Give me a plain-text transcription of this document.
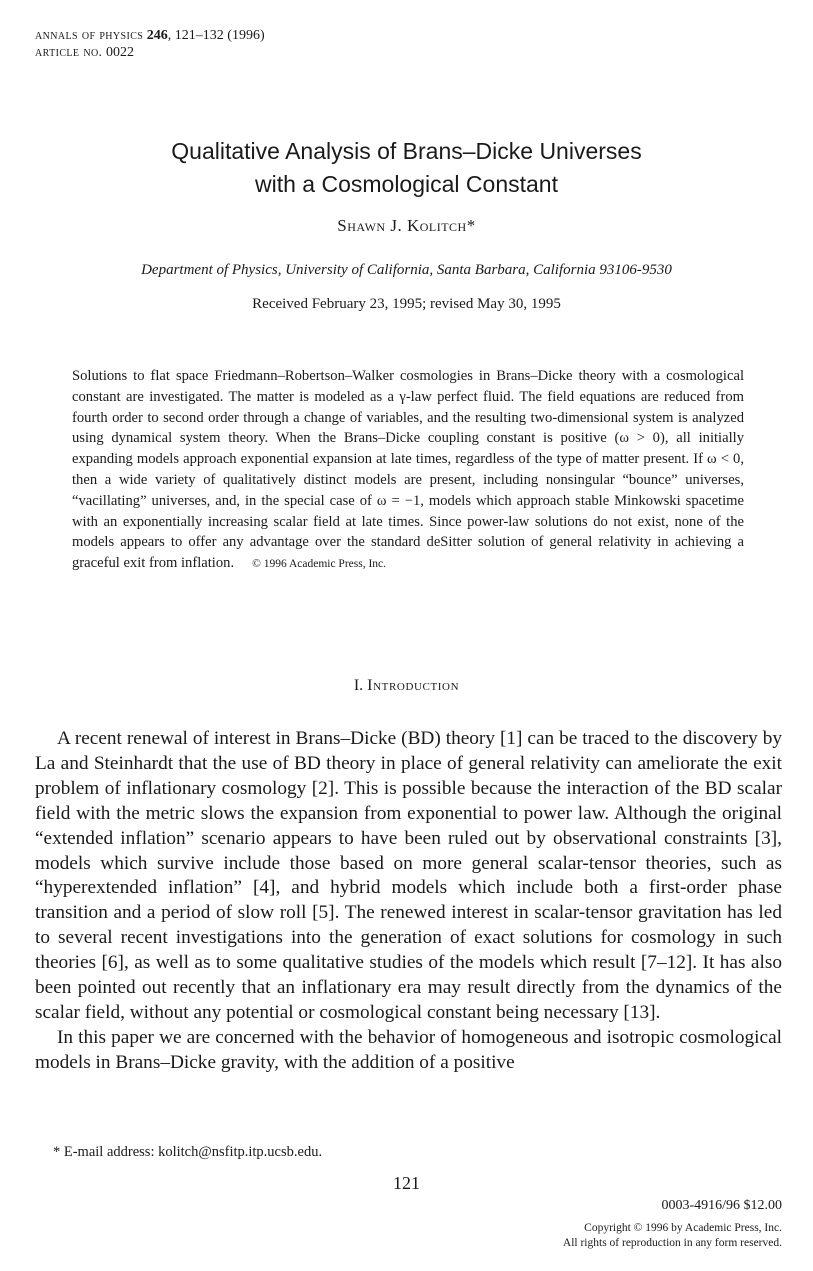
annals of physics 246, 121–132 (1996)
article no. 0022
Qualitative Analysis of Brans–Dicke Universes
with a Cosmological Constant
Shawn J. Kolitch*
Department of Physics, University of California, Santa Barbara, California 93106-9530
Received February 23, 1995; revised May 30, 1995
Solutions to flat space Friedmann–Robertson–Walker cosmologies in Brans–Dicke theory with a cosmological constant are investigated. The matter is modeled as a γ-law perfect fluid. The field equations are reduced from fourth order to second order through a change of variables, and the resulting two-dimensional system is analyzed using dynamical system theory. When the Brans–Dicke coupling constant is positive (ω > 0), all initially expanding models approach exponential expansion at late times, regardless of the type of matter present. If ω < 0, then a wide variety of qualitatively distinct models are present, including nonsingular “bounce” universes, “vacillating” universes, and, in the special case of ω = −1, models which approach stable Minkowski spacetime with an exponentially increasing scalar field at late times. Since power-law solutions do not exist, none of the models appears to offer any advantage over the standard deSitter solution of general relativity in achieving a graceful exit from inflation. © 1996 Academic Press, Inc.
I. Introduction

A recent renewal of interest in Brans–Dicke (BD) theory [1] can be traced to the discovery by La and Steinhardt that the use of BD theory in place of general relativity can ameliorate the exit problem of inflationary cosmology [2]. This is possible because the interaction of the BD scalar field with the metric slows the expansion from exponential to power law. Although the original “extended inflation” scenario appears to have been ruled out by observational constraints [3], models which survive include those based on more general scalar-tensor theories, such as “hyperextended inflation” [4], and hybrid models which include both a first-order phase transition and a period of slow roll [5]. The renewed interest in scalar-tensor gravitation has led to several recent investigations into the generation of exact solutions for cosmology in such theories [6], as well as to some qualitative studies of the models which result [7–12]. It has also been pointed out recently that an inflationary era may result directly from the dynamics of the scalar field, without any potential or cosmological constant being necessary [13].

In this paper we are concerned with the behavior of homogeneous and isotropic cosmological models in Brans–Dicke gravity, with the addition of a positive

* E-mail address: kolitch@nsfitp.itp.ucsb.edu.
121
0003-4916/96 $12.00
Copyright © 1996 by Academic Press, Inc.
All rights of reproduction in any form reserved.
